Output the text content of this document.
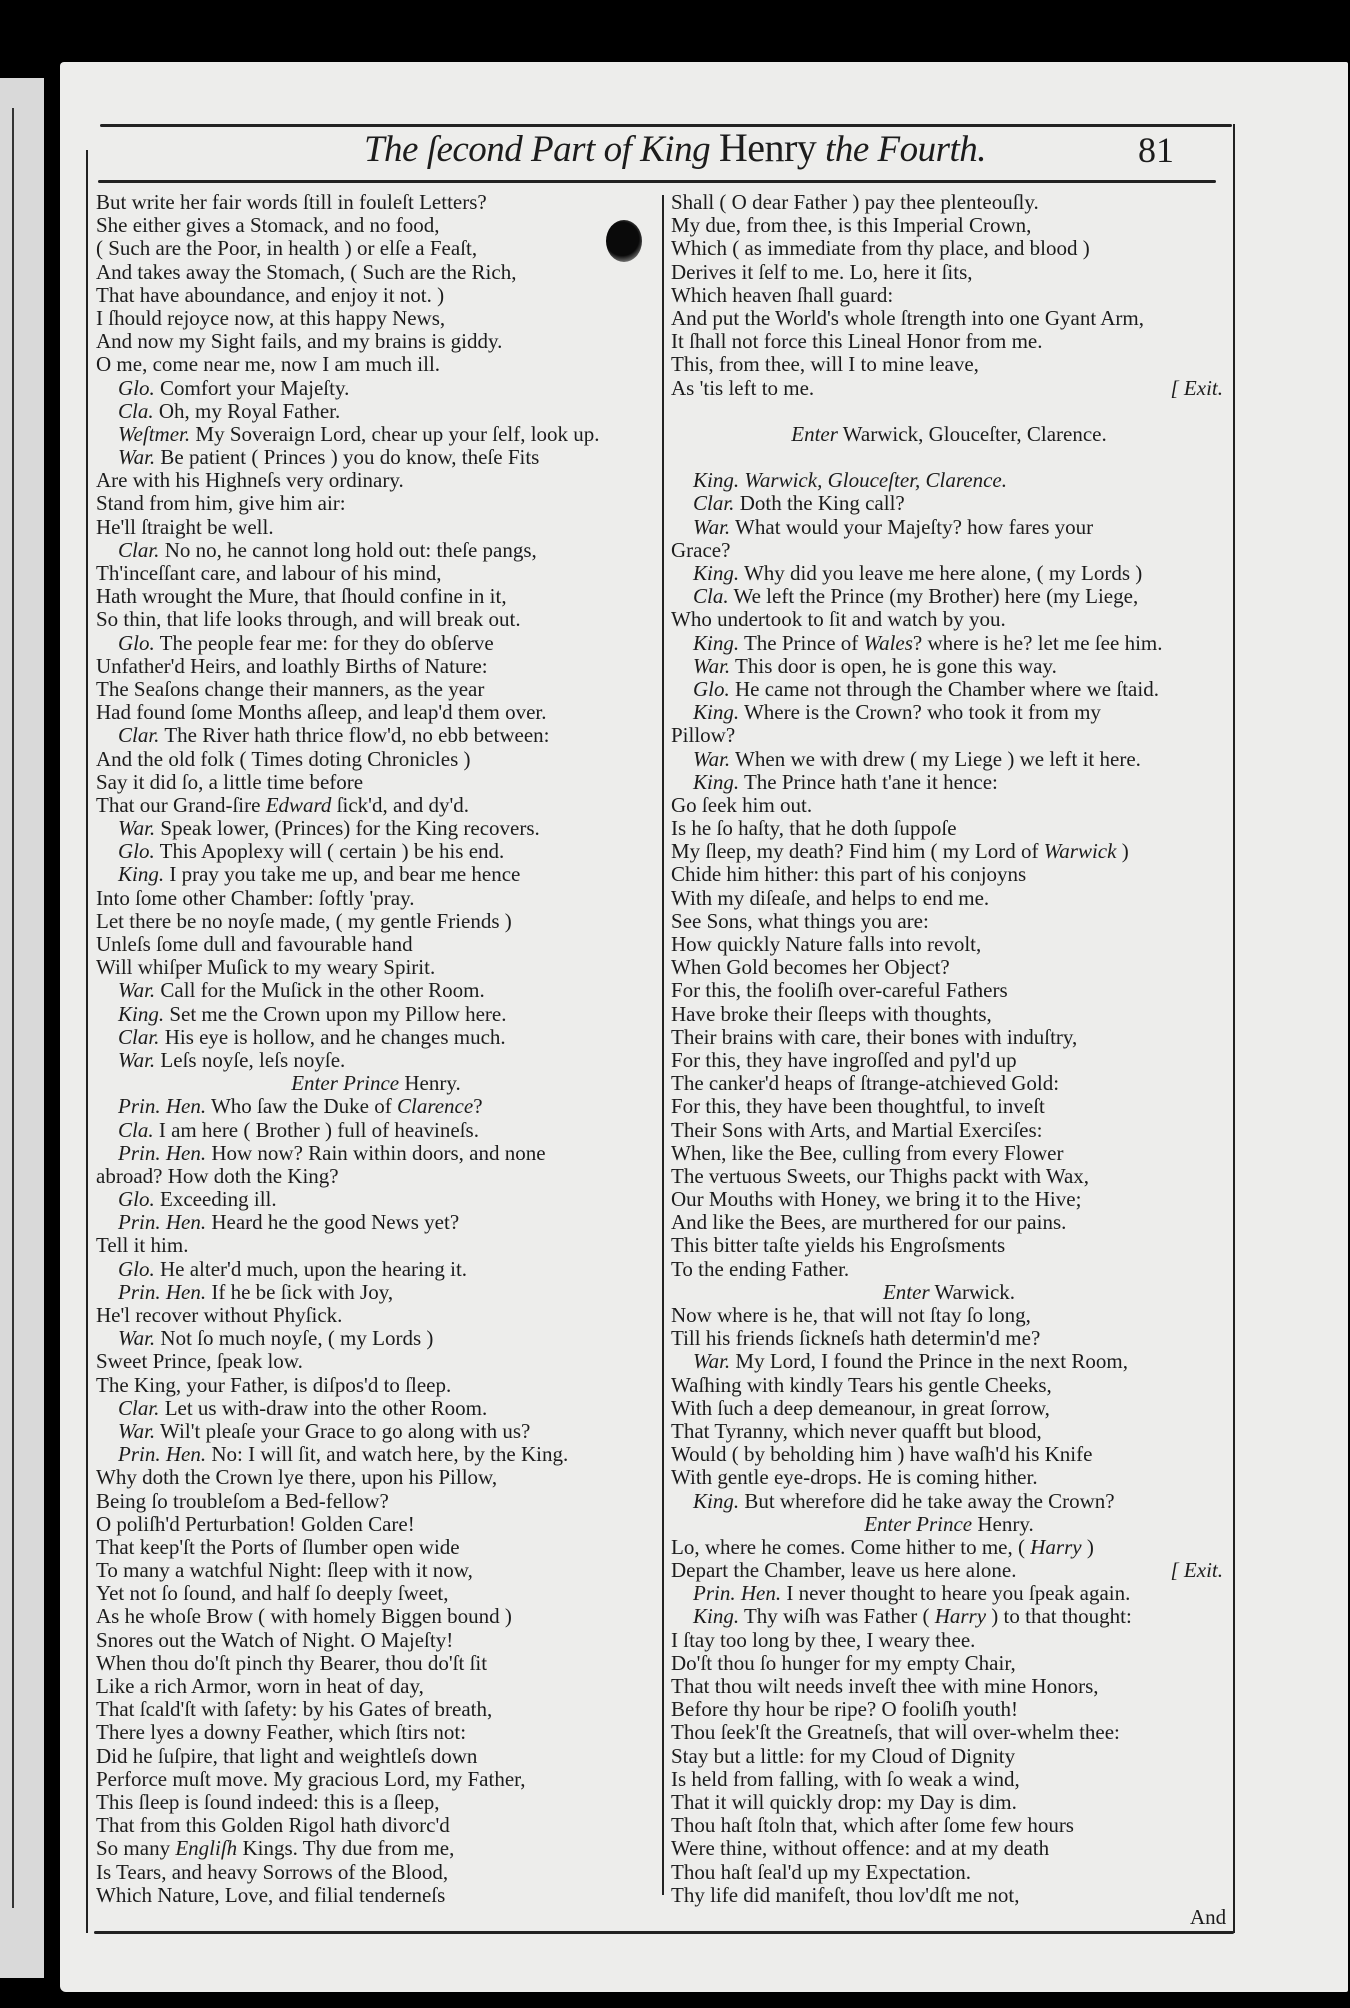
The ſecond Part of King Henry the Fourth.	81
But write her fair words ſtill in fouleſt Letters?
She either gives a Stomack, and no food,
( Such are the Poor, in health ) or elſe a Feaſt,
And takes away the Stomach, ( Such are the Rich,
That have aboundance, and enjoy it not. )
I ſhould rejoyce now, at this happy News,
And now my Sight fails, and my brains is giddy.
O me, come near me, now I am much ill.
Glo. Comfort your Majeſty.
Cla. Oh, my Royal Father.
Weſtmer. My Soveraign Lord, chear up your ſelf, look up.
War. Be patient ( Princes ) you do know, theſe Fits
Are with his Highneſs very ordinary.
Stand from him, give him air:
He'll ſtraight be well.
Clar. No no, he cannot long hold out: theſe pangs,
Th'inceſſant care, and labour of his mind,
Hath wrought the Mure, that ſhould confine in it,
So thin, that life looks through, and will break out.
Glo. The people fear me: for they do obſerve
Unfather'd Heirs, and loathly Births of Nature:
The Seaſons change their manners, as the year
Had found ſome Months aſleep, and leap'd them over.
Clar. The River hath thrice flow'd, no ebb between:
And the old folk ( Times doting Chronicles )
Say it did ſo, a little time before
That our Grand-ſire Edward ſick'd, and dy'd.
War. Speak lower, (Princes) for the King recovers.
Glo. This Apoplexy will ( certain ) be his end.
King. I pray you take me up, and bear me hence
Into ſome other Chamber: ſoftly 'pray.
Let there be no noyſe made, ( my gentle Friends )
Unleſs ſome dull and favourable hand
Will whiſper Muſick to my weary Spirit.
War. Call for the Muſick in the other Room.
King. Set me the Crown upon my Pillow here.
Clar. His eye is hollow, and he changes much.
War. Leſs noyſe, leſs noyſe.
Enter Prince Henry.
Prin. Hen. Who ſaw the Duke of Clarence?
Cla. I am here ( Brother ) full of heavineſs.
Prin. Hen. How now? Rain within doors, and none
abroad? How doth the King?
Glo. Exceeding ill.
Prin. Hen. Heard he the good News yet?
Tell it him.
Glo. He alter'd much, upon the hearing it.
Prin. Hen. If he be ſick with Joy,
He'l recover without Phyſick.
War. Not ſo much noyſe, ( my Lords )
Sweet Prince, ſpeak low.
The King, your Father, is diſpos'd to ſleep.
Clar. Let us with-draw into the other Room.
War. Wil't pleaſe your Grace to go along with us?
Prin. Hen. No: I will ſit, and watch here, by the King.
Why doth the Crown lye there, upon his Pillow,
Being ſo troubleſom a Bed-fellow?
O poliſh'd Perturbation! Golden Care!
That keep'ſt the Ports of ſlumber open wide
To many a watchful Night: ſleep with it now,
Yet not ſo ſound, and half ſo deeply ſweet,
As he whoſe Brow ( with homely Biggen bound )
Snores out the Watch of Night. O Majeſty!
When thou do'ſt pinch thy Bearer, thou do'ſt ſit
Like a rich Armor, worn in heat of day,
That ſcald'ſt with ſafety: by his Gates of breath,
There lyes a downy Feather, which ſtirs not:
Did he ſuſpire, that light and weightleſs down
Perforce muſt move. My gracious Lord, my Father,
This ſleep is ſound indeed: this is a ſleep,
That from this Golden Rigol hath divorc'd
So many Engliſh Kings. Thy due from me,
Is Tears, and heavy Sorrows of the Blood,
Which Nature, Love, and filial tenderneſs
Shall ( O dear Father ) pay thee plenteouſly.
My due, from thee, is this Imperial Crown,
Which ( as immediate from thy place, and blood )
Derives it ſelf to me. Lo, here it ſits,
Which heaven ſhall guard:
And put the World's whole ſtrength into one Gyant Arm,
It ſhall not force this Lineal Honor from me.
This, from thee, will I to mine leave,
As 'tis left to me.	[ Exit.
Enter Warwick, Glouceſter, Clarence.
King. Warwick, Glouceſter, Clarence.
Clar. Doth the King call?
War. What would your Majeſty? how fares your
Grace?
King. Why did you leave me here alone, ( my Lords )
Cla. We left the Prince (my Brother) here (my Liege,
Who undertook to ſit and watch by you.
King. The Prince of Wales? where is he? let me ſee him.
War. This door is open, he is gone this way.
Glo. He came not through the Chamber where we ſtaid.
King. Where is the Crown? who took it from my
Pillow?
War. When we with drew ( my Liege ) we left it here.
King. The Prince hath t'ane it hence:
Go ſeek him out.
Is he ſo haſty, that he doth ſuppoſe
My ſleep, my death? Find him ( my Lord of Warwick )
Chide him hither: this part of his conjoyns
With my diſeaſe, and helps to end me.
See Sons, what things you are:
How quickly Nature falls into revolt,
When Gold becomes her Object?
For this, the fooliſh over-careful Fathers
Have broke their ſleeps with thoughts,
Their brains with care, their bones with induſtry,
For this, they have ingroſſed and pyl'd up
The canker'd heaps of ſtrange-atchieved Gold:
For this, they have been thoughtful, to inveſt
Their Sons with Arts, and Martial Exerciſes:
When, like the Bee, culling from every Flower
The vertuous Sweets, our Thighs packt with Wax,
Our Mouths with Honey, we bring it to the Hive;
And like the Bees, are murthered for our pains.
This bitter taſte yields his Engroſsments
To the ending Father.
Enter Warwick.
Now where is he, that will not ſtay ſo long,
Till his friends ſickneſs hath determin'd me?
War. My Lord, I found the Prince in the next Room,
Waſhing with kindly Tears his gentle Cheeks,
With ſuch a deep demeanour, in great ſorrow,
That Tyranny, which never quafft but blood,
Would ( by beholding him ) have waſh'd his Knife
With gentle eye-drops. He is coming hither.
King. But wherefore did he take away the Crown?
Enter Prince Henry.
Lo, where he comes. Come hither to me, ( Harry )
Depart the Chamber, leave us here alone.	[ Exit.
Prin. Hen. I never thought to heare you ſpeak again.
King. Thy wiſh was Father ( Harry ) to that thought:
I ſtay too long by thee, I weary thee.
Do'ſt thou ſo hunger for my empty Chair,
That thou wilt needs inveſt thee with mine Honors,
Before thy hour be ripe? O fooliſh youth!
Thou ſeek'ſt the Greatneſs, that will over-whelm thee:
Stay but a little: for my Cloud of Dignity
Is held from falling, with ſo weak a wind,
That it will quickly drop: my Day is dim.
Thou haſt ſtoln that, which after ſome few hours
Were thine, without offence: and at my death
Thou haſt ſeal'd up my Expectation.
Thy life did manifeſt, thou lov'dſt me not,
And
